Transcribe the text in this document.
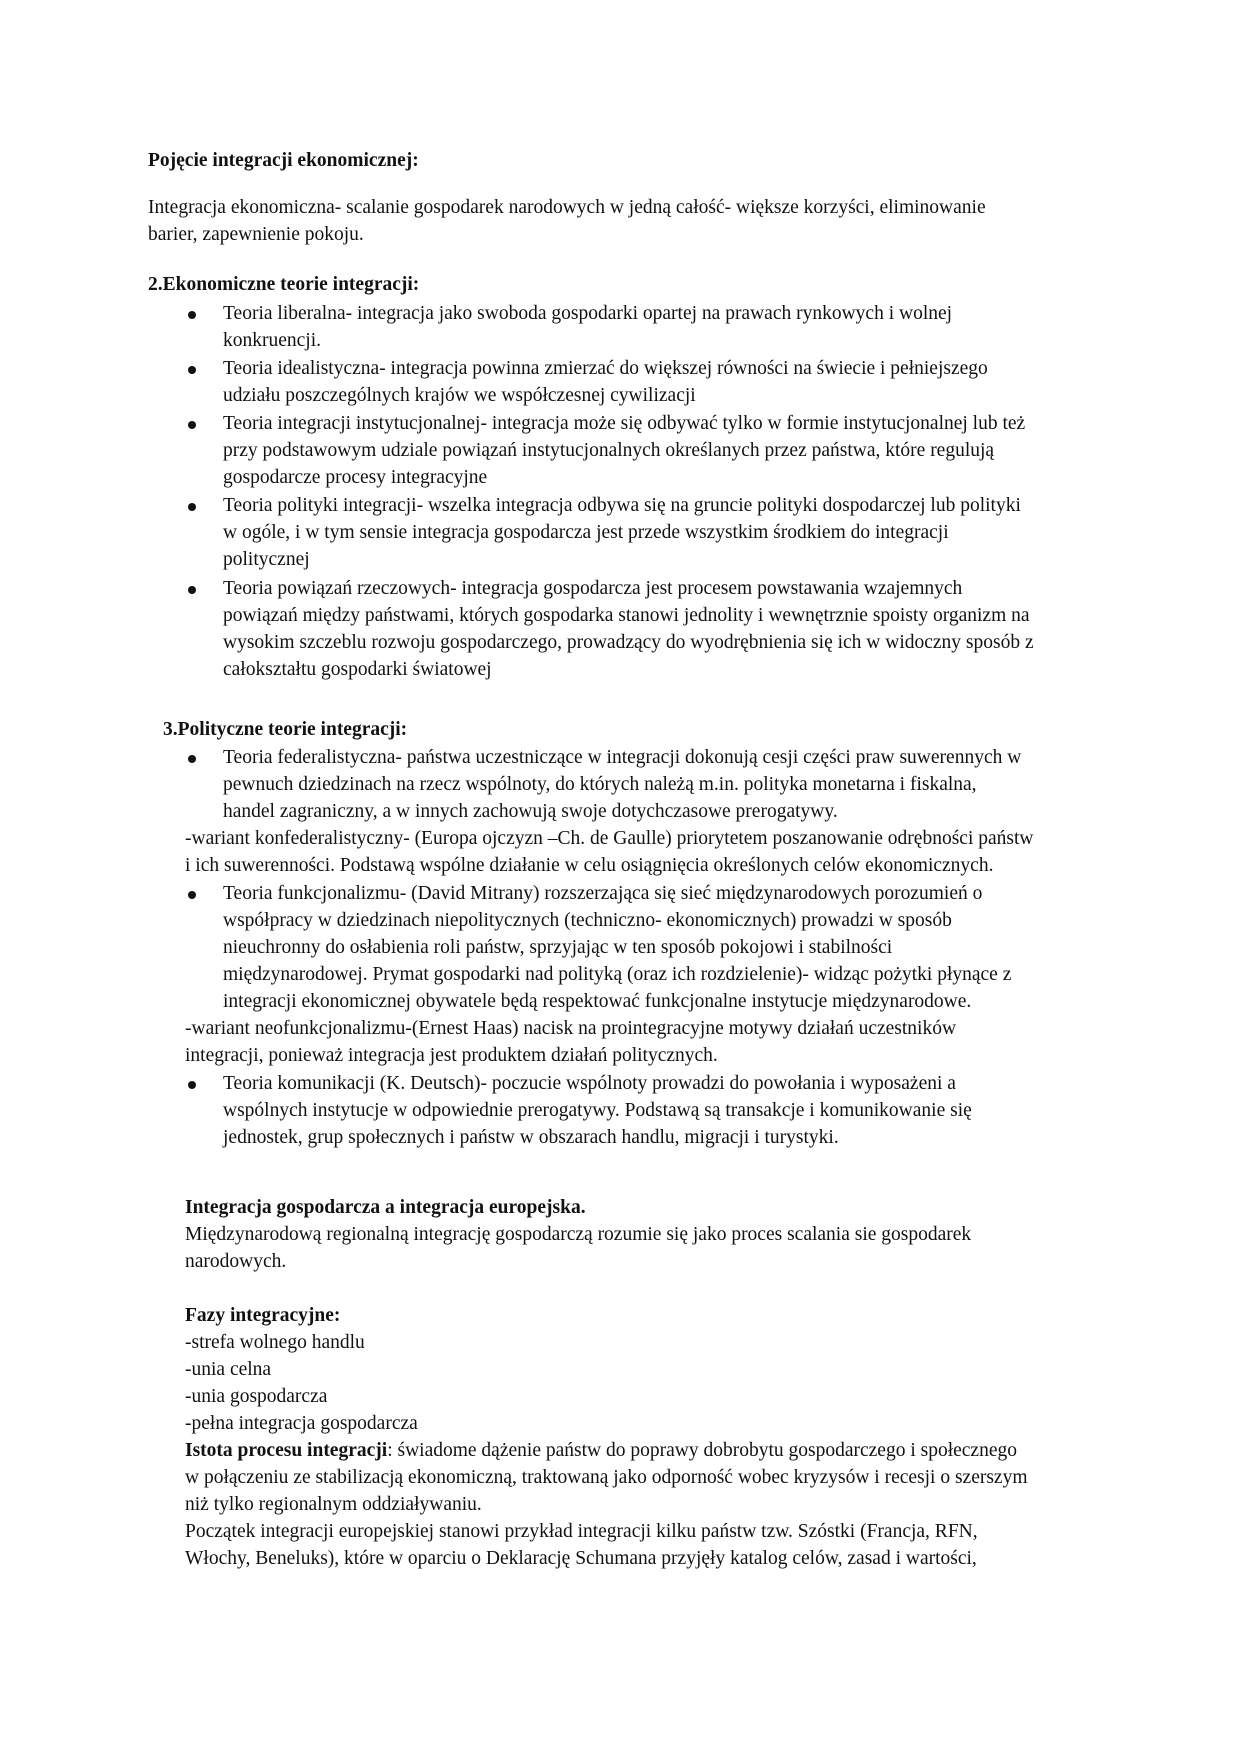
Pojęcie integracji ekonomicznej:
Integracja ekonomiczna- scalanie gospodarek narodowych w jedną całość- większe korzyści, eliminowanie
barier, zapewnienie pokoju.
2.Ekonomiczne teorie integracji:
Teoria liberalna- integracja jako swoboda gospodarki opartej na prawach rynkowych i wolnej
konkruencji.
Teoria idealistyczna- integracja powinna zmierzać do większej równości na świecie i pełniejszego
udziału poszczególnych krajów we współczesnej cywilizacji
Teoria integracji instytucjonalnej- integracja może się odbywać tylko w formie instytucjonalnej lub też
przy podstawowym udziale powiązań instytucjonalnych określanych przez państwa, które regulują
gospodarcze procesy integracyjne
Teoria polityki integracji- wszelka integracja odbywa się na gruncie polityki dospodarczej lub polityki
w ogóle, i w tym sensie integracja gospodarcza jest przede wszystkim środkiem do integracji
politycznej
Teoria powiązań rzeczowych- integracja gospodarcza jest procesem powstawania wzajemnych
powiązań między państwami, których gospodarka stanowi jednolity i wewnętrznie spoisty organizm na
wysokim szczeblu rozwoju gospodarczego, prowadzący do wyodrębnienia się ich w widoczny sposób z
całokształtu gospodarki światowej
3.Polityczne teorie integracji:
Teoria federalistyczna- państwa uczestniczące w integracji dokonują cesji części praw suwerennych w
pewnuch dziedzinach na rzecz wspólnoty, do których należą m.in. polityka monetarna i fiskalna,
handel zagraniczny, a w innych zachowują swoje dotychczasowe prerogatywy.
-wariant konfederalistyczny- (Europa ojczyzn –Ch. de Gaulle) priorytetem poszanowanie odrębności państw
i ich suwerenności. Podstawą wspólne działanie w celu osiągnięcia określonych celów ekonomicznych.
Teoria funkcjonalizmu- (David Mitrany) rozszerzająca się sieć międzynarodowych porozumień o
współpracy w dziedzinach niepolitycznych (techniczno- ekonomicznych) prowadzi w sposób
nieuchronny do osłabienia roli państw, sprzyjając w ten sposób pokojowi i stabilności
międzynarodowej. Prymat gospodarki nad polityką (oraz ich rozdzielenie)- widząc pożytki płynące z
integracji ekonomicznej obywatele będą respektować funkcjonalne instytucje międzynarodowe.
-wariant neofunkcjonalizmu-(Ernest Haas) nacisk na prointegracyjne motywy działań uczestników
integracji, ponieważ integracja jest produktem działań politycznych.
Teoria komunikacji (K. Deutsch)- poczucie wspólnoty prowadzi do powołania i wyposażeni a
wspólnych instytucje w odpowiednie prerogatywy. Podstawą są transakcje i komunikowanie się
jednostek, grup społecznych i państw w obszarach handlu, migracji i turystyki.
Integracja gospodarcza a integracja europejska.
Międzynarodową regionalną integrację gospodarczą rozumie się jako proces scalania sie gospodarek
narodowych.
Fazy integracyjne:
-strefa wolnego handlu
-unia celna
-unia gospodarcza
-pełna integracja gospodarcza
Istota procesu integracji: świadome dążenie państw do poprawy dobrobytu gospodarczego i społecznego
w połączeniu ze stabilizacją ekonomiczną, traktowaną jako odporność wobec kryzysów i recesji o szerszym
niż tylko regionalnym oddziaływaniu.
Początek integracji europejskiej stanowi przykład integracji kilku państw tzw. Szóstki (Francja, RFN,
Włochy, Beneluks), które w oparciu o Deklarację Schumana przyjęły katalog celów, zasad i wartości,
